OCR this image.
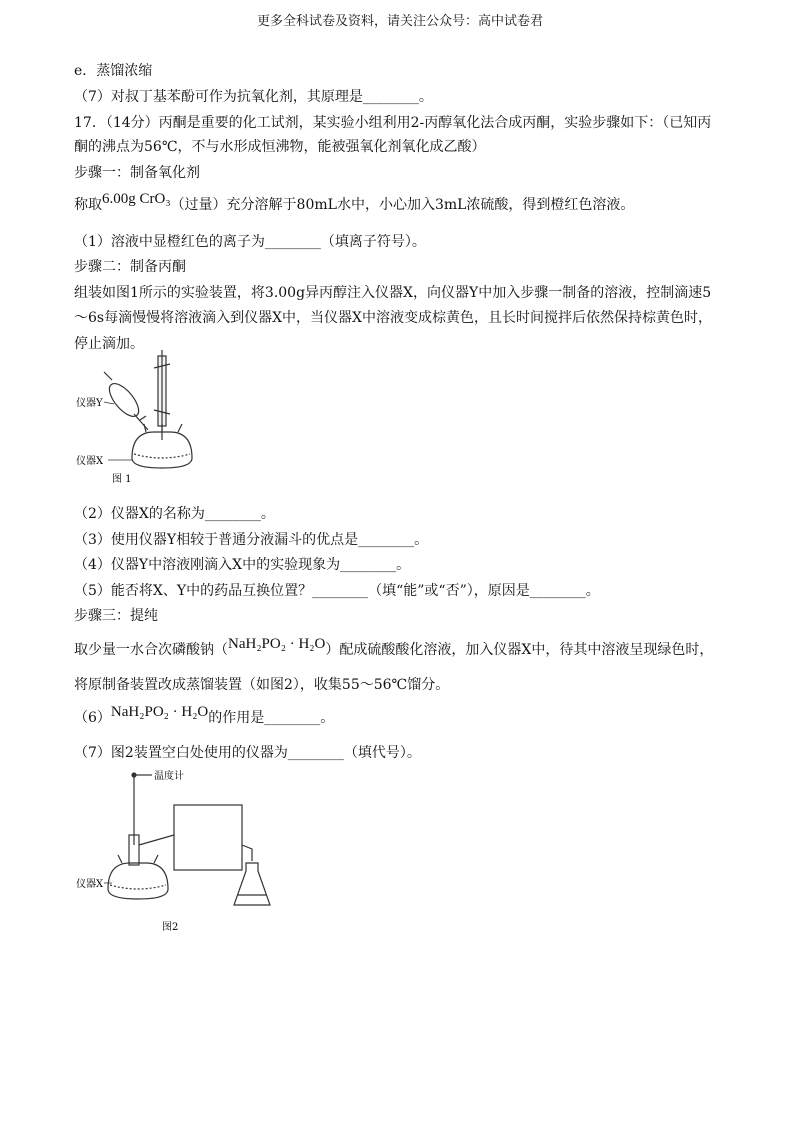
更多全科试卷及资料，请关注公众号：高中试卷君
e．蒸馏浓缩
（7）对叔丁基苯酚可作为抗氧化剂，其原理是________。
17．（14分）丙酮是重要的化工试剂，某实验小组利用2-丙醇氧化法合成丙酮，实验步骤如下：（已知丙
酮的沸点为56℃，不与水形成恒沸物，能被强氧化剂氧化成乙酸）
步骤一：制备氧化剂
称取6.00g CrO₃（过量）充分溶解于80mL水中，小心加入3mL浓硫酸，得到橙红色溶液。
（1）溶液中显橙红色的离子为________（填离子符号）。
步骤二：制备丙酮
组装如图1所示的实验装置，将3.00g异丙醇注入仪器X，向仪器Y中加入步骤一制备的溶液，控制滴速5
～6s每滴慢慢将溶液滴入到仪器X中，当仪器X中溶液变成棕黄色，且长时间搅拌后依然保持棕黄色时，
停止滴加。
仪器Y
仪器X
图 1
（2）仪器X的名称为________。
（3）使用仪器Y相较于普通分液漏斗的优点是________。
（4）仪器Y中溶液刚滴入X中的实验现象为________。
（5）能否将X、Y中的药品互换位置？________（填“能”或“否”），原因是________。
步骤三：提纯
取少量一水合次磷酸钠（NaH₂PO₂ · H₂O）配成硫酸酸化溶液，加入仪器X中，待其中溶液呈现绿色时，
将原制备装置改成蒸馏装置（如图2），收集55～56℃馏分。
（6）NaH₂PO₂ · H₂O的作用是________。
（7）图2装置空白处使用的仪器为________（填代号）。
温度计
仪器X
图2
